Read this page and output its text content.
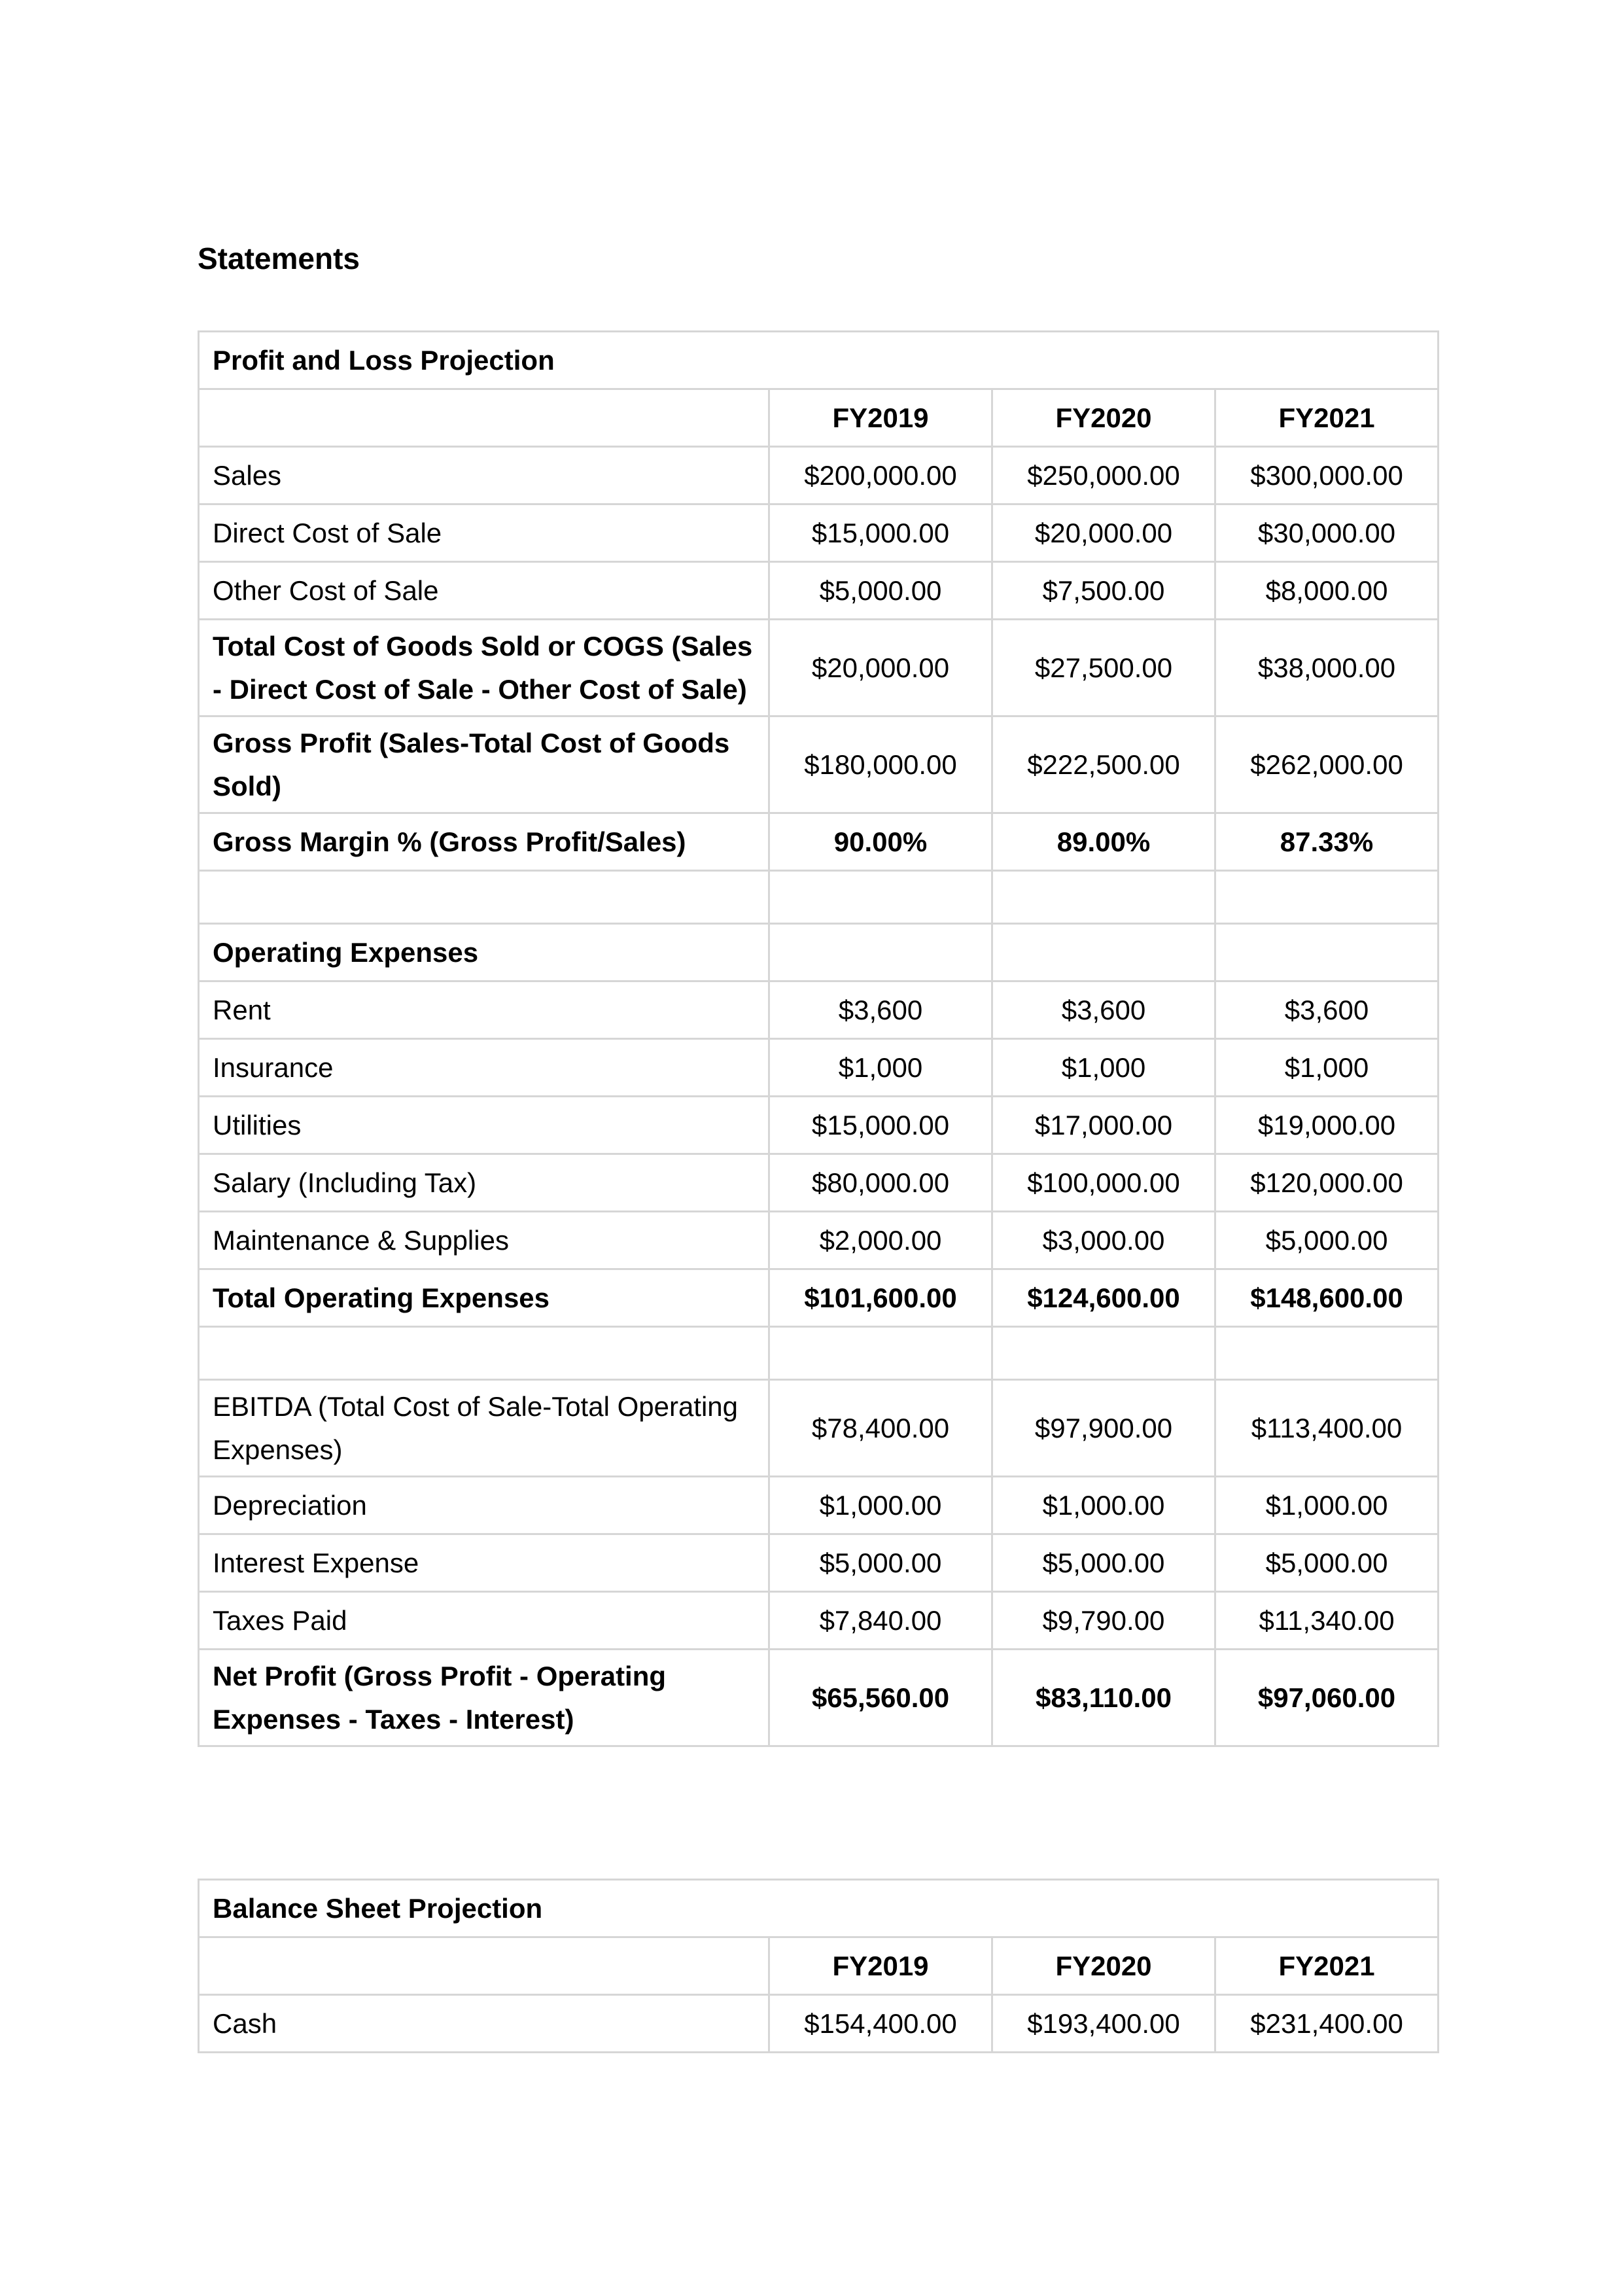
Statements
Profit and Loss Projection			
	FY2019	FY2020	FY2021
Sales	$200,000.00	$250,000.00	$300,000.00
Direct Cost of Sale	$15,000.00	$20,000.00	$30,000.00
Other Cost of Sale	$5,000.00	$7,500.00	$8,000.00
Total Cost of Goods Sold or COGS (Sales - Direct Cost of Sale - Other Cost of Sale)	$20,000.00	$27,500.00	$38,000.00
Gross Profit (Sales-Total Cost of Goods Sold)	$180,000.00	$222,500.00	$262,000.00
Gross Margin % (Gross Profit/Sales)	90.00%	89.00%	87.33%

Operating Expenses			
Rent	$3,600	$3,600	$3,600
Insurance	$1,000	$1,000	$1,000
Utilities	$15,000.00	$17,000.00	$19,000.00
Salary (Including Tax)	$80,000.00	$100,000.00	$120,000.00
Maintenance & Supplies	$2,000.00	$3,000.00	$5,000.00
Total Operating Expenses	$101,600.00	$124,600.00	$148,600.00

EBITDA (Total Cost of Sale-Total Operating Expenses)	$78,400.00	$97,900.00	$113,400.00
Depreciation	$1,000.00	$1,000.00	$1,000.00
Interest Expense	$5,000.00	$5,000.00	$5,000.00
Taxes Paid	$7,840.00	$9,790.00	$11,340.00
Net Profit (Gross Profit - Operating Expenses - Taxes - Interest)	$65,560.00	$83,110.00	$97,060.00
Balance Sheet Projection			
	FY2019	FY2020	FY2021
Cash	$154,400.00	$193,400.00	$231,400.00
